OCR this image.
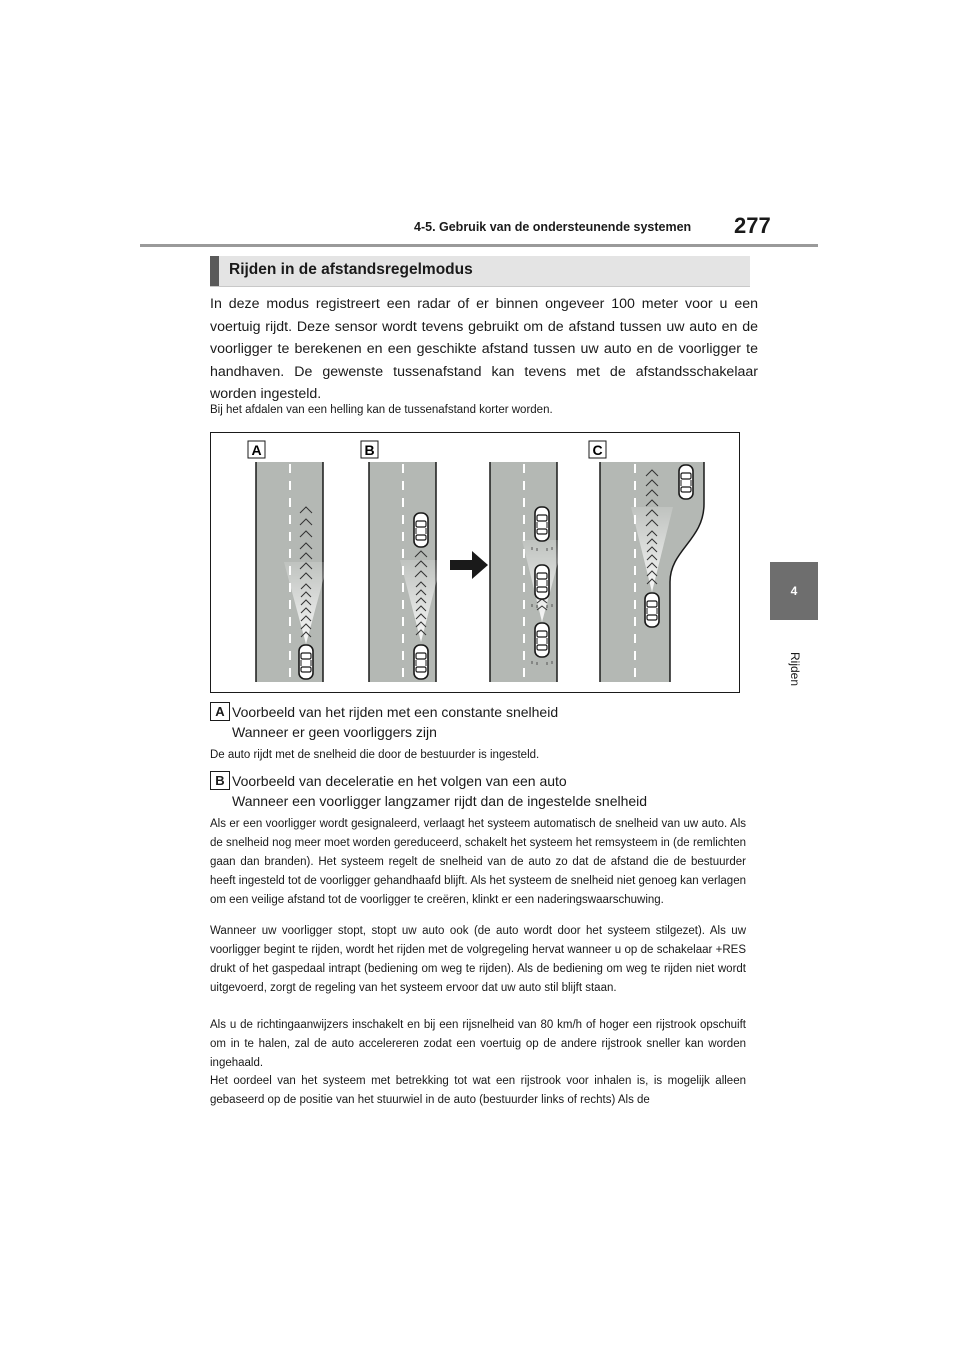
4-5. Gebruik van de ondersteunende systemen 277
4
Rijden
Rijden in de afstandsregelmodus

In deze modus registreert een radar of er binnen ongeveer 100 meter voor u een voertuig rijdt. Deze sensor wordt tevens gebruikt om de afstand tussen uw auto en de voorligger te berekenen en een geschikte afstand tussen uw auto en de voorligger te handhaven. De gewenste tussenafstand kan tevens met de afstandsschakelaar worden ingesteld.

Bij het afdalen van een helling kan de tussenafstand korter worden.

A	B	C
A Voorbeeld van het rijden met een constante snelheid
Wanneer er geen voorliggers zijn

De auto rijdt met de snelheid die door de bestuurder is ingesteld.

B Voorbeeld van deceleratie en het volgen van een auto
Wanneer een voorligger langzamer rijdt dan de ingestelde snelheid

Als er een voorligger wordt gesignaleerd, verlaagt het systeem automatisch de snelheid van uw auto. Als de snelheid nog meer moet worden gereduceerd, schakelt het systeem het remsysteem in (de remlichten gaan dan branden). Het systeem regelt de snelheid van de auto zo dat de afstand die de bestuurder heeft ingesteld tot de voorligger gehandhaafd blijft. Als het systeem de snelheid niet genoeg kan verlagen om een veilige afstand tot de voorligger te creëren, klinkt er een naderingswaarschuwing.

Wanneer uw voorligger stopt, stopt uw auto ook (de auto wordt door het systeem stilgezet). Als uw voorligger begint te rijden, wordt het rijden met de volgregeling hervat wanneer u op de schakelaar +RES drukt of het gaspedaal intrapt (bediening om weg te rijden). Als de bediening om weg te rijden niet wordt uitgevoerd, zorgt de regeling van het systeem ervoor dat uw auto stil blijft staan.

Als u de richtingaanwijzers inschakelt en bij een rijsnelheid van 80 km/h of hoger een rijstrook opschuift om in te halen, zal de auto accelereren zodat een voertuig op de andere rijstrook sneller kan worden ingehaald.

Het oordeel van het systeem met betrekking tot wat een rijstrook voor inhalen is, is mogelijk alleen gebaseerd op de positie van het stuurwiel in de auto (bestuurder links of rechts) Als de
